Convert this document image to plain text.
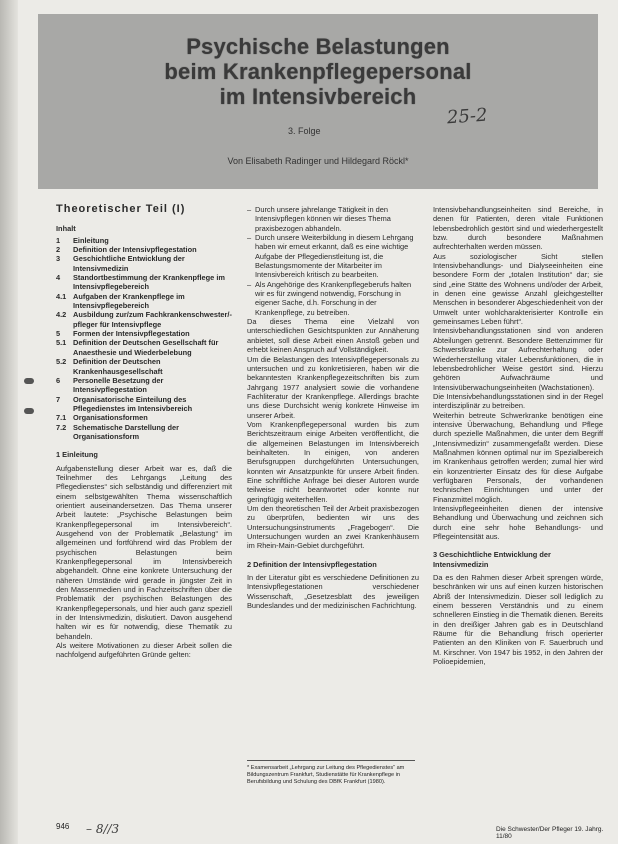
Psychische Belastungen
beim Krankenpflegepersonal
im Intensivbereich
3. Folge
Von Elisabeth Radinger und Hildegard Röckl*
25-2
Theoretischer Teil (I)
Inhalt
1	Einleitung
2	Definition der Intensivpflegestation
3	Geschichtliche Entwicklung der Intensivmedizin
4	Standortbestimmung der Krankenpflege im Intensivpflegebereich
4.1 Aufgaben der Krankenpflege im Intensivpflegebereich
4.2 Ausbildung zur/zum Fachkrankenschwester/-pfleger für Intensivpflege
5	Formen der Intensivpflegestation
5.1 Definition der Deutschen Gesellschaft für Anaesthesie und Wiederbelebung
5.2 Definition der Deutschen Krankenhausgesellschaft
6	Personelle Besetzung der Intensivpflegestation
7	Organisatorische Einteilung des Pflegedienstes im Intensivbereich
7.1 Organisationsformen
7.2 Schematische Darstellung der Organisationsform
1 Einleitung

Aufgabenstellung dieser Arbeit war es, daß die Teilnehmer des Lehrgangs „Leitung des Pflegedienstes“ sich selbständig und differenziert mit einem selbstgewählten Thema wissenschaftlich orientiert auseinandersetzen. Das Thema unserer Arbeit lautete: „Psychische Belastungen beim Krankenpflegepersonal im Intensivbereich“. Ausgehend von der Problematik „Belastung“ im allgemeinen und fortführend wird das Problem der psychischen Belastungen beim Krankenpflegepersonal im Intensivbereich abgehandelt. Ohne eine konkrete Untersuchung der näheren Umstände wird gerade in jüngster Zeit in den Massenmedien und in Fachzeitschriften über die Problematik der psychischen Belastungen des Krankenpflegepersonals, und hier auch ganz speziell in der Intensivmedizin, diskutiert. Davon ausgehend halten wir es für notwendig, diese Thematik zu behandeln.

Als weitere Motivationen zu dieser Arbeit sollen die nachfolgend aufgeführten Gründe gelten:

– Durch unsere jahrelange Tätigkeit in den Intensivpflegen können wir dieses Thema praxisbezogen abhandeln.
– Durch unsere Weiterbildung in diesem Lehrgang haben wir erneut erkannt, daß es eine wichtige Aufgabe der Pflegedienstleitung ist, die Belastungsmomente der Mitarbeiter im Intensivbereich kritisch zu bearbeiten.
– Als Angehörige des Krankenpflegeberufs halten wir es für zwingend notwendig, Forschung in eigener Sache, d.h. Forschung in der Krankenpflege, zu betreiben.

Da dieses Thema eine Vielzahl von unterschiedlichen Gesichtspunkten zur Annäherung anbietet, soll diese Arbeit einen Anstoß geben und erhebt keinen Anspruch auf Vollständigkeit.

Um die Belastungen des Intensivpflegepersonals zu untersuchen und zu konkretisieren, haben wir die bekanntesten Krankenpflegezeitschriften bis zum Jahrgang 1977 analysiert sowie die vorhandene Fachliteratur der Krankenpflege. Allerdings brachte uns diese Durchsicht wenig konkrete Hinweise im unserer Arbeit.

Vom Krankenpflegepersonal wurden bis zum Berichtszeitraum einige Arbeiten veröffentlicht, die die allgemeinen Belastungen im Intensivbereich beinhalteten. In einigen, von anderen Berufsgruppen durchgeführten Untersuchungen, konnten wir Ansatzpunkte für unsere Arbeit finden. Eine schriftliche Anfrage bei dieser Autoren wurde teilweise nicht beantwortet oder konnte nur geringfügig weiterhelfen.

Um den theoretischen Teil der Arbeit praxisbezogen zu überprüfen, bedienten wir uns des Untersuchungsinstruments „Fragebogen“. Die Untersuchungen wurden an zwei Krankenhäusern im Rhein-Main-Gebiet durchgeführt.

2 Definition der Intensivpflegestation

In der Literatur gibt es verschiedene Definitionen zu Intensivpflegestationen verschiedener Wissenschaft, „Gesetzesblatt des jeweiligen Bundeslandes und der medizinischen Fachrichtung.

* Examensarbeit „Lehrgang zur Leitung des Pflegedienstes“ am Bildungszentrum Frankfurt, Studienstätte für Krankenpflege in Berufsbildung und Schulung des DBfK Frankfurt (1980).

Intensivbehandlungseinheiten sind Bereiche, in denen für Patienten, deren vitale Funktionen lebensbedrohlich gestört sind und wiederhergestellt bzw. durch besondere Maßnahmen aufrechterhalten werden müssen.

Aus soziologischer Sicht stellen Intensivbehandlungs- und Dialyseeinheiten eine besondere Form der „totalen Institution“ dar; sie sind „eine Stätte des Wohnens und/oder der Arbeit, in denen eine gewisse Anzahl gleichgestellter Menschen in besonderer Abgeschiedenheit von der Umwelt unter wohlcharakterisierter Kontrolle ein gemeinsames Leben führt“.

Intensivbehandlungsstationen sind von anderen Abteilungen getrennt. Besondere Bettenzimmer für Schwerstkranke zur Aufrechterhaltung oder Wiederherstellung vitaler Lebensfunktionen, die in lebensbedrohlicher Weise gestört sind. Hierzu gehören Aufwachräume und Intensivüberwachungseinheiten (Wachstationen).

Die Intensivbehandlungsstationen sind in der Regel interdisziplinär zu betreiben.

Weiterhin betreute Schwerkranke benötigen eine intensive Überwachung, Behandlung und Pflege durch spezielle Maßnahmen, die unter dem Begriff „Intensivmedizin“ zusammengefaßt werden. Diese Maßnahmen können optimal nur im Spezialbereich im Krankenhaus getroffen werden; zumal hier wird ein konzentrierter Einsatz des für diese Aufgabe verfügbaren Personals, der vorhandenen technischen Einrichtungen und unter der Finanzmittel möglich.

Intensivpflegeeinheiten dienen der intensive Behandlung und Überwachung und zeichnen sich durch eine sehr hohe Behandlungs- und Pflegeintensität aus.

3 Geschichtliche Entwicklung der Intensivmedizin

Da es den Rahmen dieser Arbeit sprengen würde, beschränken wir uns auf einen kurzen historischen Abriß der Intensivmedizin. Dieser soll lediglich zu einem besseren Verständnis und zu einem schnelleren Einstieg in die Thematik dienen. Bereits in den dreißiger Jahren gab es in Deutschland Räume für die Behandlung frisch operierter Patienten an den Kliniken von F. Sauerbruch und M. Kirschner. Von 1947 bis 1952, in den Jahren der Polioepidemien,

946 – 8//3	Die Schwester/Der Pfleger 19. Jahrg. 11/80
